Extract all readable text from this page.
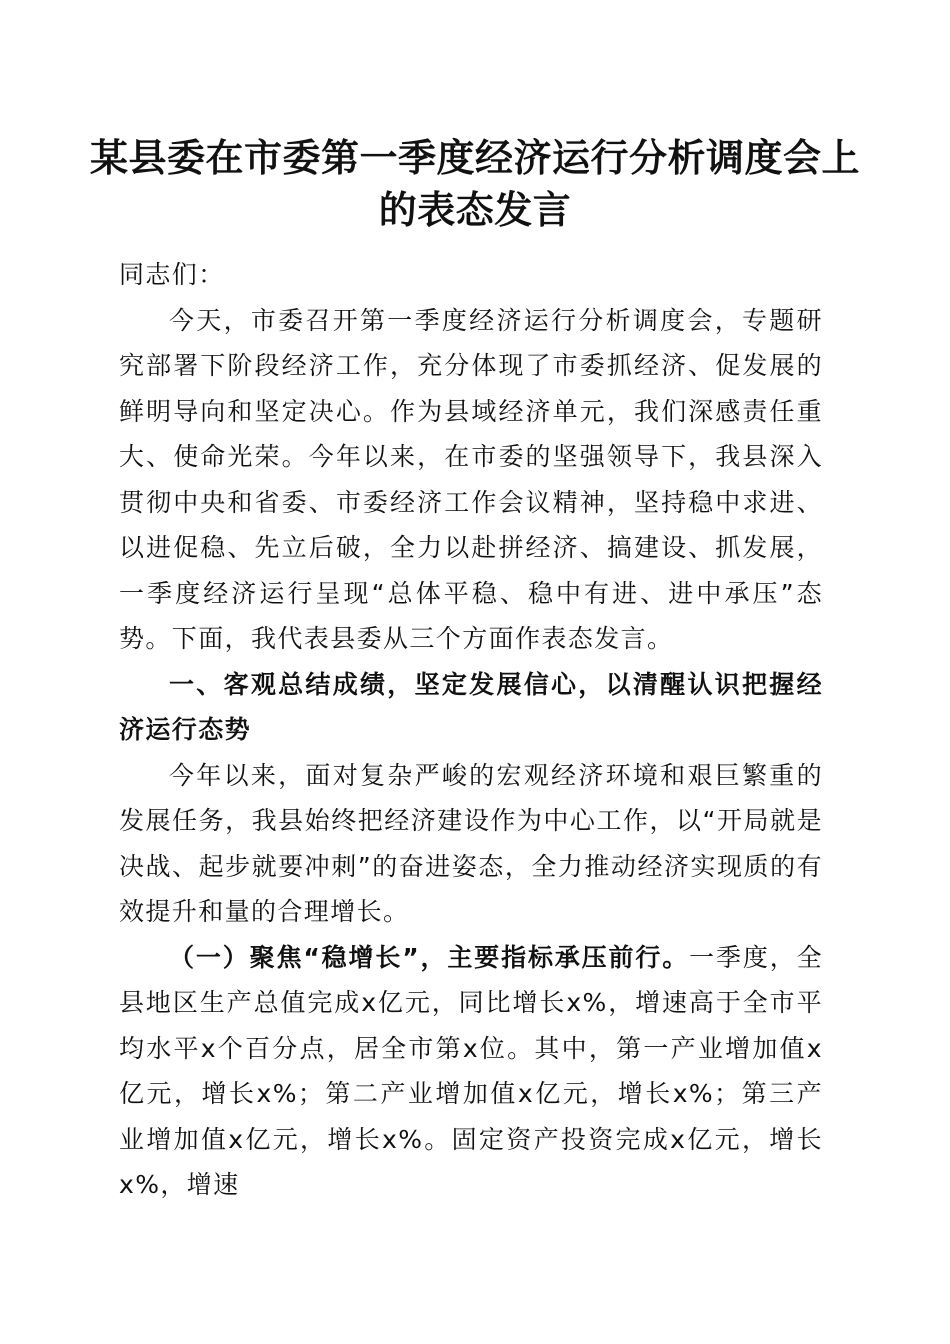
某县委在市委第一季度经济运行分析调度会上的表态发言

同志们：

今天，市委召开第一季度经济运行分析调度会，专题研究部署下阶段经济工作，充分体现了市委抓经济、促发展的鲜明导向和坚定决心。作为县域经济单元，我们深感责任重大、使命光荣。今年以来，在市委的坚强领导下，我县深入贯彻中央和省委、市委经济工作会议精神，坚持稳中求进、以进促稳、先立后破，全力以赴拼经济、搞建设、抓发展，一季度经济运行呈现“总体平稳、稳中有进、进中承压”态势。下面，我代表县委从三个方面作表态发言。

一、客观总结成绩，坚定发展信心，以清醒认识把握经济运行态势

今年以来，面对复杂严峻的宏观经济环境和艰巨繁重的发展任务，我县始终把经济建设作为中心工作，以“开局就是决战、起步就要冲刺”的奋进姿态，全力推动经济实现质的有效提升和量的合理增长。

（一）聚焦“稳增长”，主要指标承压前行。一季度，全县地区生产总值完成x亿元，同比增长x%，增速高于全市平均水平x个百分点，居全市第x位。其中，第一产业增加值x亿元，增长x%；第二产业增加值x亿元，增长x%；第三产业增加值x亿元，增长x%。固定资产投资完成x亿元，增长x%，增速
